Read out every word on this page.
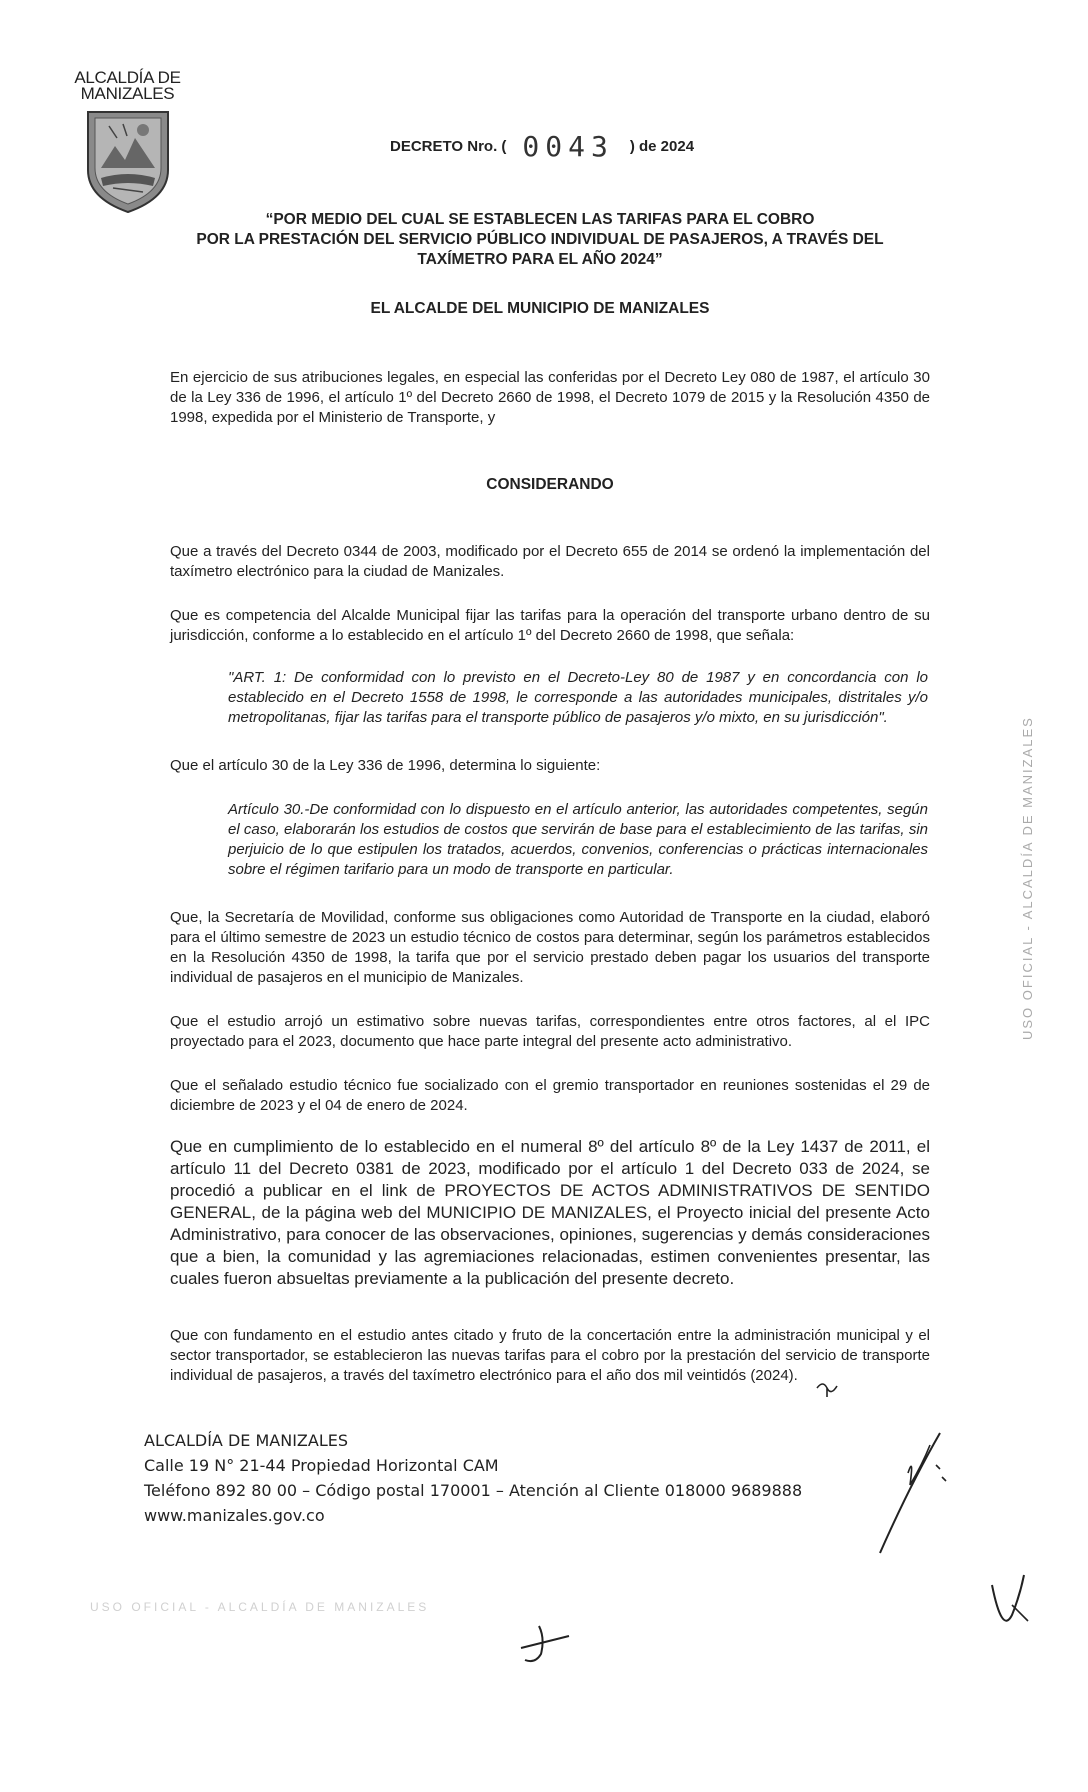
ALCALDÍA DE
MANIZALES
DECRETO Nro. ( 0043 ) de 2024
“POR MEDIO DEL CUAL SE ESTABLECEN LAS TARIFAS PARA EL COBRO
POR LA PRESTACIÓN DEL SERVICIO PÚBLICO INDIVIDUAL DE PASAJEROS, A TRAVÉS DEL
TAXÍMETRO PARA EL AÑO 2024”
EL ALCALDE DEL MUNICIPIO DE MANIZALES
En ejercicio de sus atribuciones legales, en especial las conferidas por el Decreto Ley 080 de 1987, el artículo 30 de la Ley 336 de 1996, el artículo 1º del Decreto 2660 de 1998, el Decreto 1079 de 2015 y la Resolución 4350 de 1998, expedida por el Ministerio de Transporte, y
CONSIDERANDO
Que a través del Decreto 0344 de 2003, modificado por el Decreto 655 de 2014 se ordenó la implementación del taxímetro electrónico para la ciudad de Manizales.
Que es competencia del Alcalde Municipal fijar las tarifas para la operación del transporte urbano dentro de su jurisdicción, conforme a lo establecido en el artículo 1º del Decreto 2660 de 1998, que señala:
"ART. 1: De conformidad con lo previsto en el Decreto-Ley 80 de 1987 y en concordancia con lo establecido en el Decreto 1558 de 1998, le corresponde a las autoridades municipales, distritales y/o metropolitanas, fijar las tarifas para el transporte público de pasajeros y/o mixto, en su jurisdicción".
Que el artículo 30 de la Ley 336 de 1996, determina lo siguiente:
Artículo 30.-De conformidad con lo dispuesto en el artículo anterior, las autoridades competentes, según el caso, elaborarán los estudios de costos que servirán de base para el establecimiento de las tarifas, sin perjuicio de lo que estipulen los tratados, acuerdos, convenios, conferencias o prácticas internacionales sobre el régimen tarifario para un modo de transporte en particular.
Que, la Secretaría de Movilidad, conforme sus obligaciones como Autoridad de Transporte en la ciudad, elaboró para el último semestre de 2023 un estudio técnico de costos para determinar, según los parámetros establecidos en la Resolución 4350 de 1998, la tarifa que por el servicio prestado deben pagar los usuarios del transporte individual de pasajeros en el municipio de Manizales.
Que el estudio arrojó un estimativo sobre nuevas tarifas, correspondientes entre otros factores, al el IPC proyectado para el 2023, documento que hace parte integral del presente acto administrativo.
Que el señalado estudio técnico fue socializado con el gremio transportador en reuniones sostenidas el 29 de diciembre de 2023 y el 04 de enero de 2024.
Que en cumplimiento de lo establecido en el numeral 8º del artículo 8º de la Ley 1437 de 2011, el artículo 11 del Decreto 0381 de 2023, modificado por el artículo 1 del Decreto 033 de 2024, se procedió a publicar en el link de PROYECTOS DE ACTOS ADMINISTRATIVOS DE SENTIDO GENERAL, de la página web del MUNICIPIO DE MANIZALES, el Proyecto inicial del presente Acto Administrativo, para conocer de las observaciones, opiniones, sugerencias y demás consideraciones que a bien, la comunidad y las agremiaciones relacionadas, estimen convenientes presentar, las cuales fueron absueltas previamente a la publicación del presente decreto.
Que con fundamento en el estudio antes citado y fruto de la concertación entre la administración municipal y el sector transportador, se establecieron las nuevas tarifas para el cobro por la prestación del servicio de transporte individual de pasajeros, a través del taxímetro electrónico para el año dos mil veintidós (2024).
USO OFICIAL - ALCALDÍA DE MANIZALES
ALCALDÍA DE MANIZALES
Calle 19 N° 21-44 Propiedad Horizontal CAM
Teléfono 892 80 00 – Código postal 170001 – Atención al Cliente 018000 9689888
www.manizales.gov.co
USO OFICIAL - ALCALDÍA DE MANIZALES
